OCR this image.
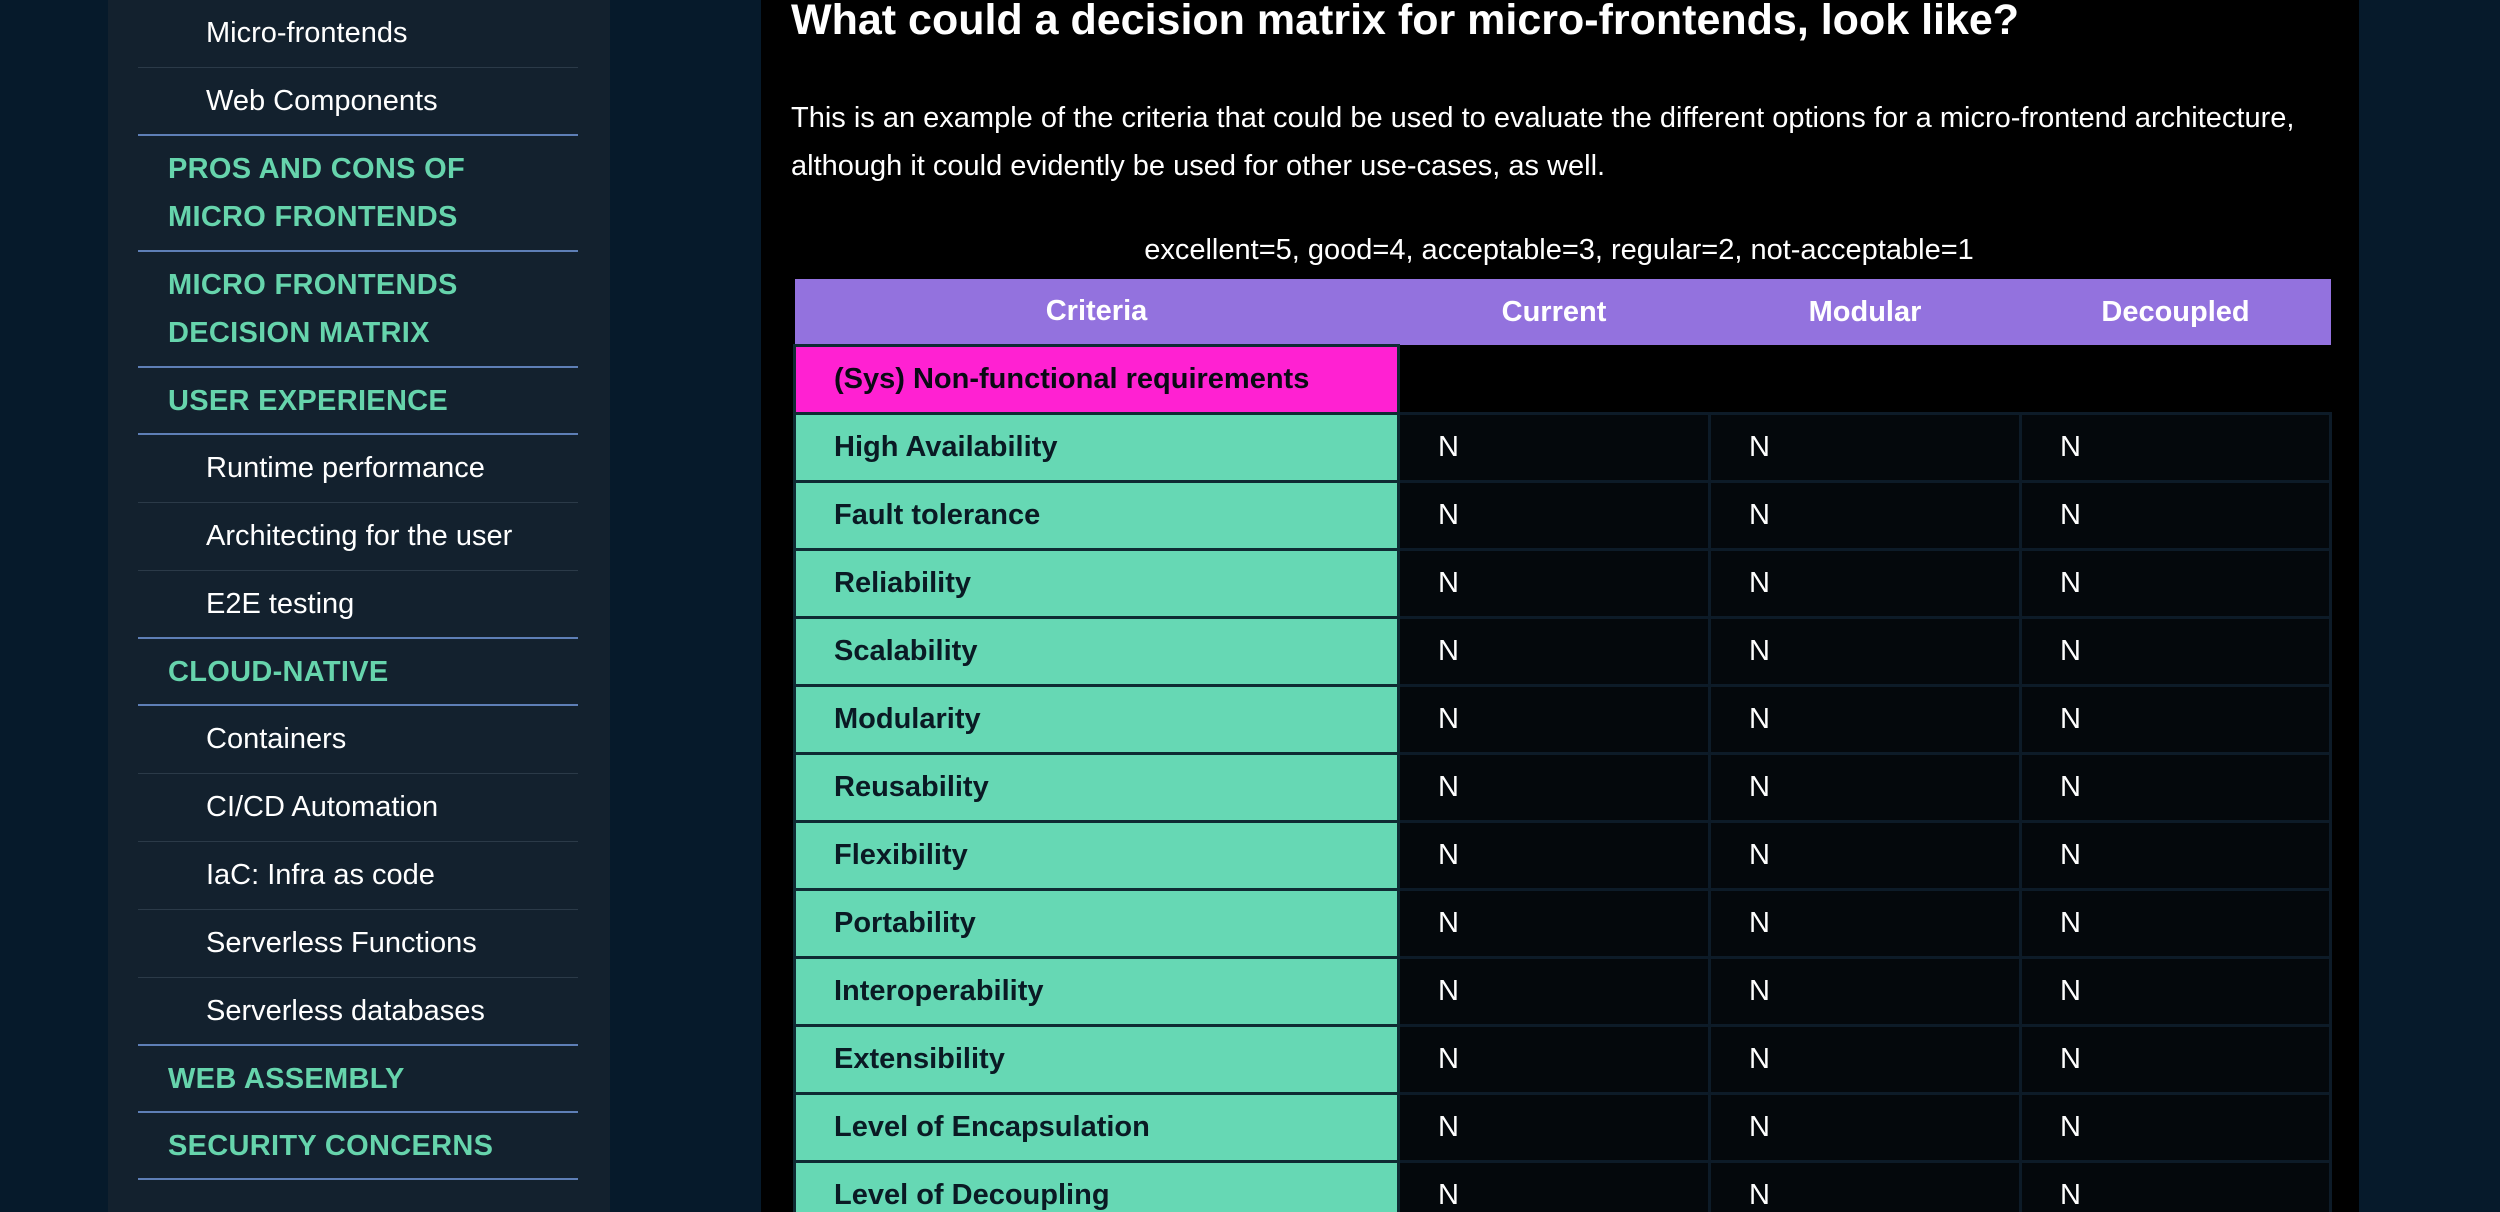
Micro-frontends
Web Components
PROS AND CONS OF MICRO FRONTENDS
MICRO FRONTENDS DECISION MATRIX
USER EXPERIENCE
Runtime performance
Architecting for the user
E2E testing
CLOUD-NATIVE
Containers
CI/CD Automation
IaC: Infra as code
Serverless Functions
Serverless databases
WEB ASSEMBLY
SECURITY CONCERNS
What could a decision matrix for micro-frontends, look like?

This is an example of the criteria that could be used to evaluate the different options for a micro-frontend architecture, although it could evidently be used for other use-cases, as well.

excellent=5, good=4, acceptable=3, regular=2, not-acceptable=1

Criteria	Current	Modular	Decoupled
(Sys) Non-functional requirements			
High Availability	N	N	N
Fault tolerance	N	N	N
Reliability	N	N	N
Scalability	N	N	N
Modularity	N	N	N
Reusability	N	N	N
Flexibility	N	N	N
Portability	N	N	N
Interoperability	N	N	N
Extensibility	N	N	N
Level of Encapsulation	N	N	N
Level of Decoupling	N	N	N
